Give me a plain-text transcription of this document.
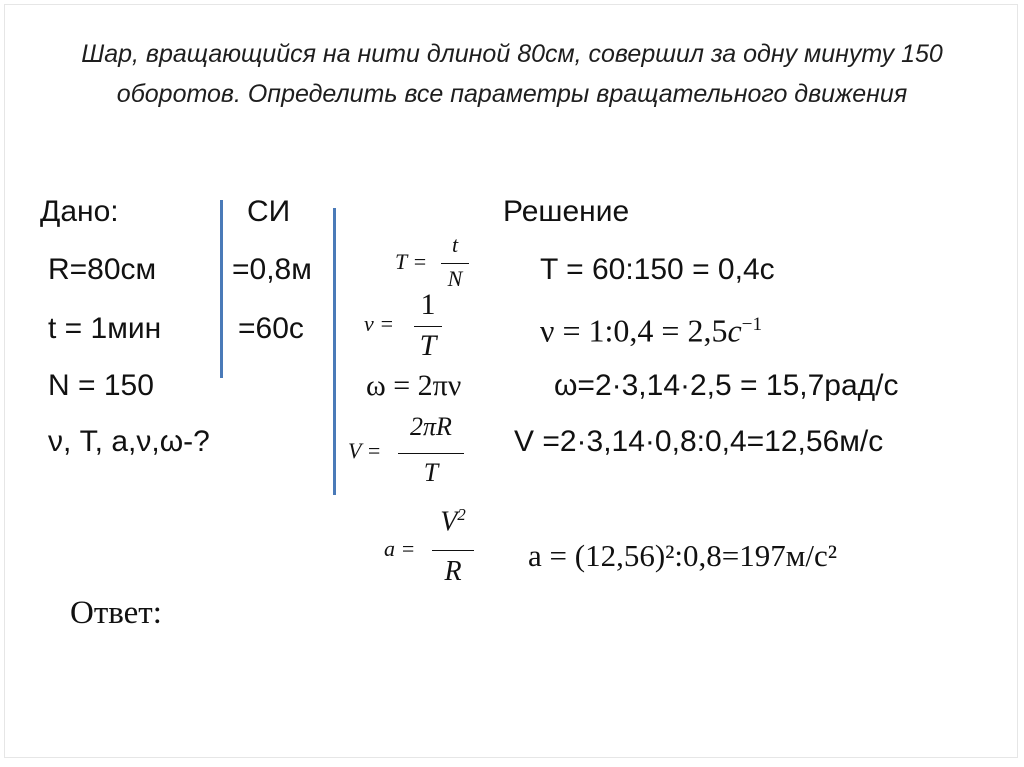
Шар, вращающийся на нити длиной 80см, совершил за одну минуту 150 оборотов. Определить все параметры вращательного движения
Дано:	СИ	Решение
R=80см
t = 1мин
N = 150
ν, T, a,ν,ω-?
=0,8м
=60с
T =
t
N
ν =
1
T
ω = 2πν
V =
2πR
T
a =
$V^2$
R
T = 60:150 = 0,4с
ν = 1:0,4 = $2,5c^{-1}$
ω=2·3,14·2,5 = 15,7рад/с
V =2·3,14·0,8:0,4=12,56м/с
a = (12,56)²:0,8=197м/с²
Ответ:
